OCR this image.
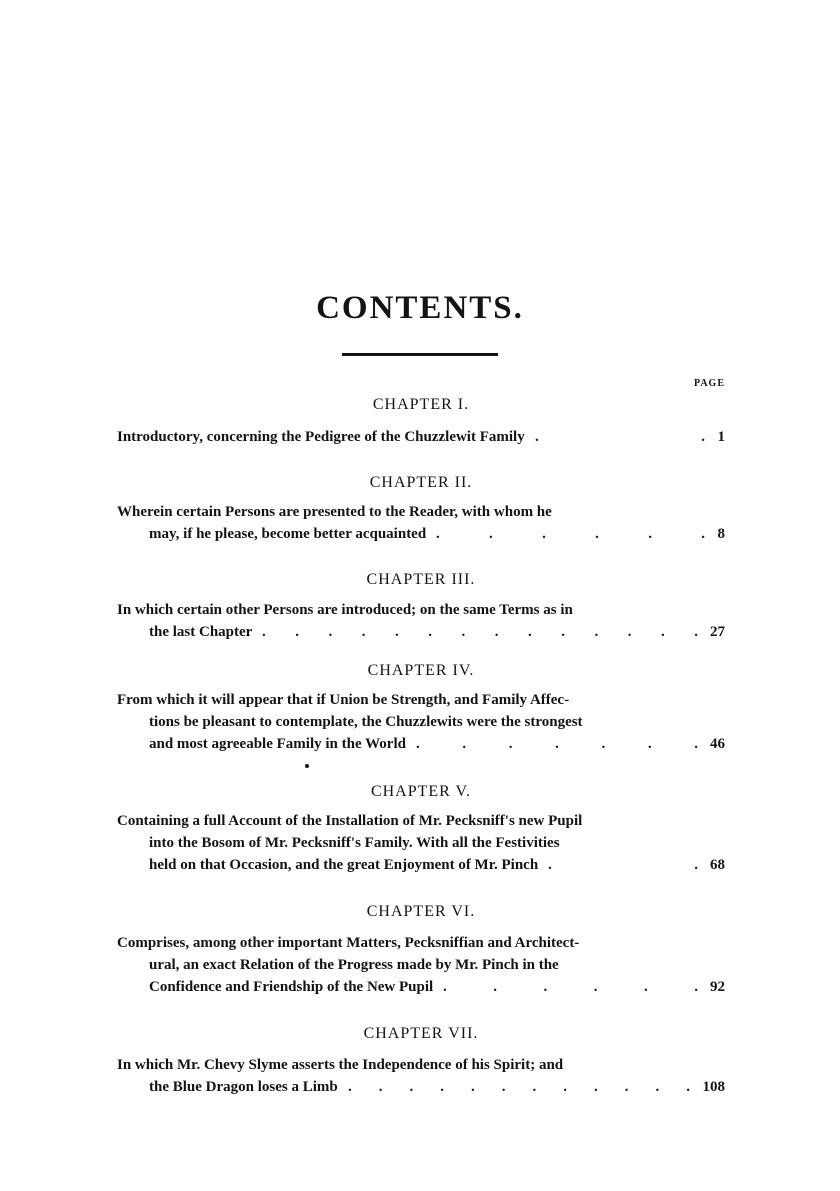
CONTENTS.
PAGE
CHAPTER I.
Introductory, concerning the Pedigree of the Chuzzlewit Family .	. 1
CHAPTER II.
Wherein certain Persons are presented to the Reader, with whom he
may, if he please, become better acquainted .	.	.	.	.	. 8
CHAPTER III.
In which certain other Persons are introduced; on the same Terms as in
the last Chapter . . . . . . . . . . . . . . 27
CHAPTER IV.
From which it will appear that if Union be Strength, and Family Affec-
tions be pleasant to contemplate, the Chuzzlewits were the strongest
and most agreeable Family in the World .	.	.	.	.	.	. 46
CHAPTER V.
Containing a full Account of the Installation of Mr. Pecksniff's new Pupil
into the Bosom of Mr. Pecksniff's Family. With all the Festivities
held on that Occasion, and the great Enjoyment of Mr. Pinch .	. 68
CHAPTER VI.
Comprises, among other important Matters, Pecksniffian and Architect-
ural, an exact Relation of the Progress made by Mr. Pinch in the
Confidence and Friendship of the New Pupil .	.	.	.	.	. 92
CHAPTER VII.
In which Mr. Chevy Slyme asserts the Independence of his Spirit; and
the Blue Dragon loses a Limb . . . . . . . . . . . . 108
